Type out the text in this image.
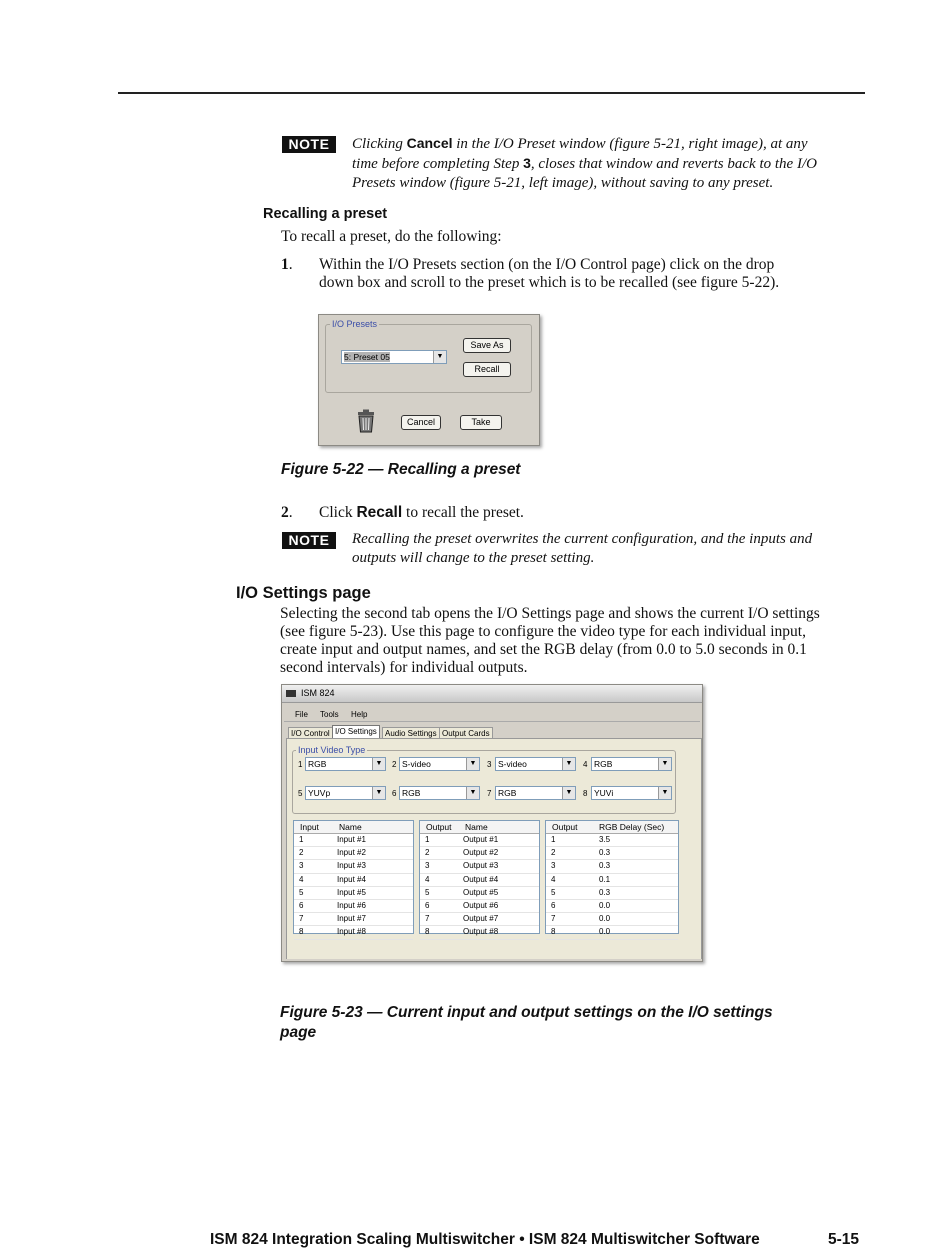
NOTE	Clicking Cancel in the I/O Preset window (figure 5-21, right image), at any
time before completing Step 3, closes that window and reverts back to the I/O
Presets window (figure 5-21, left image), without saving to any preset.
Recalling a preset
To recall a preset, do the following:
1. Within the I/O Presets section (on the I/O Control page) click on the drop
down box and scroll to the preset which is to be recalled (see figure 5-22).
I/O Presets
5: Preset 05	▼
Save As
Recall
Cancel	Take
Figure 5-22 — Recalling a preset
2. Click Recall to recall the preset.
NOTE	Recalling the preset overwrites the current configuration, and the inputs and
outputs will change to the preset setting.
I/O Settings page
Selecting the second tab opens the I/O Settings page and shows the current I/O settings
(see figure 5-23). Use this page to configure the video type for each individual input,
create input and output names, and set the RGB delay (from 0.0 to 5.0 seconds in 0.1
second intervals) for individual outputs.
ISM 824
File Tools Help
I/O Control I/O Settings	Audio Settings Output Cards
Input Video Type
1 RGB	▼	2 S-video	▼	3 S-video	▼	4 RGB	▼
5 YUVp	▼	6 RGB	▼	7 RGB	▼	8 YUVi	▼
Input Name
1	Input #1
2	Input #2
3	Input #3
4	Input #4
5	Input #5
6	Input #6
7	Input #7
8	Input #8
Output Name
1	Output #1
2	Output #2
3	Output #3
4	Output #4
5	Output #5
6	Output #6
7	Output #7
8	Output #8
Output	RGB Delay (Sec)
1	3.5
2	0.3
3	0.3
4	0.1
5	0.3
6	0.0
7	0.0
8	0.0
Figure 5-23 — Current input and output settings on the I/O settings
page
ISM 824 Integration Scaling Multiswitcher • ISM 824 Multiswitcher Software	5-15
